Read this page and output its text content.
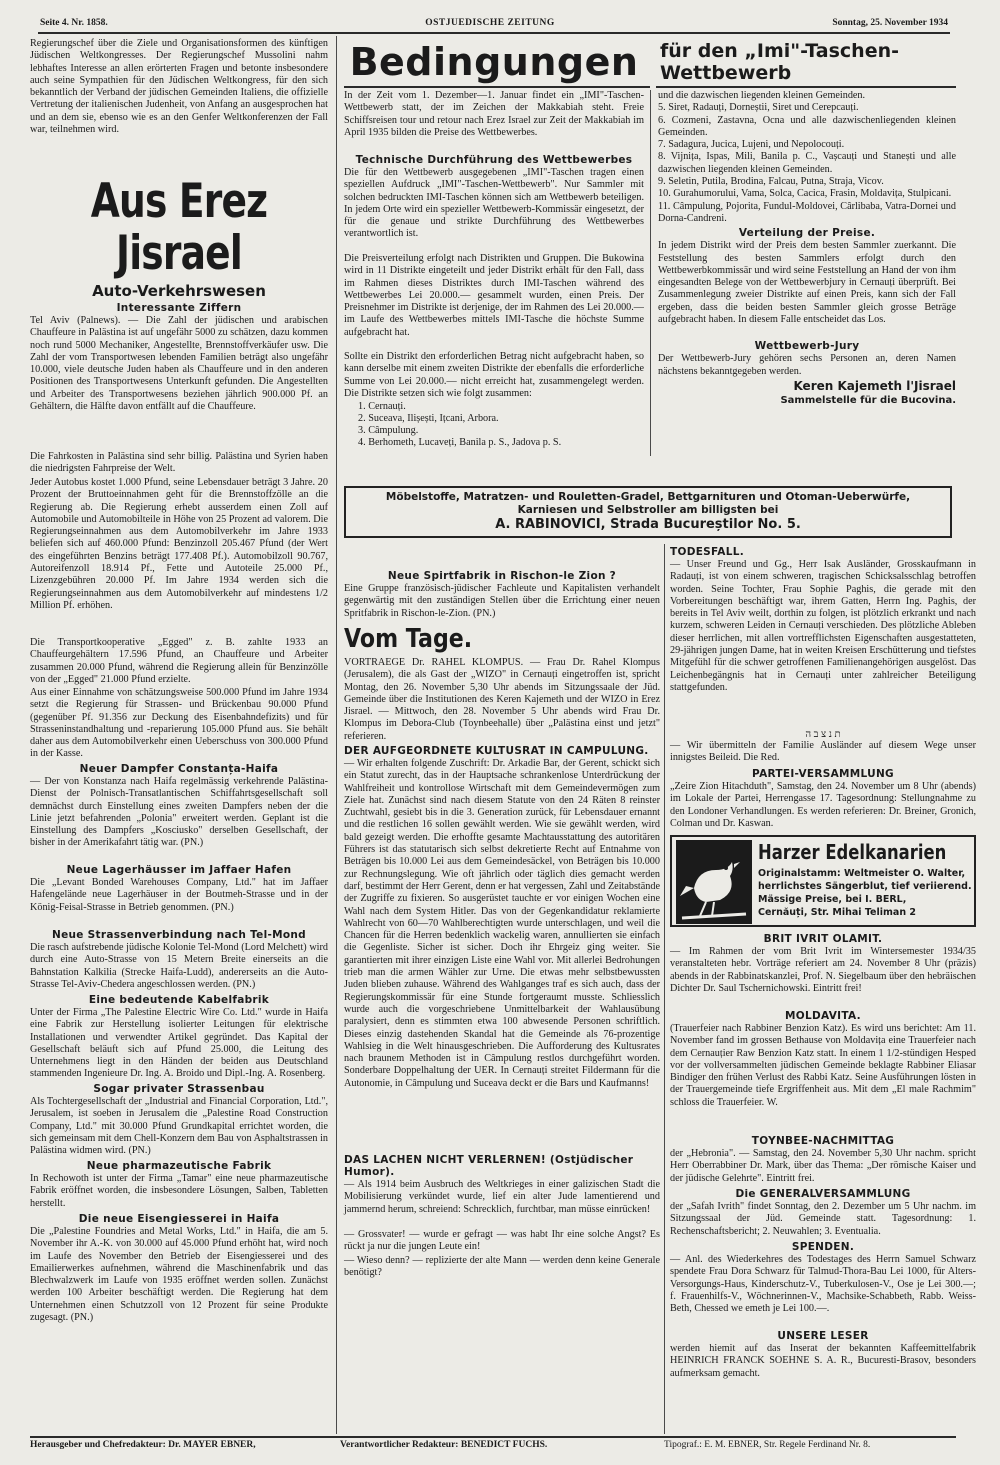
Seite 4. Nr. 1858.	OSTJUEDISCHE ZEITUNG	Sonntag, 25. November 1934

Regierungschef über die Ziele und Organisationsformen des künftigen Jüdischen Weltkongresses. Der Regierungschef Mussolini nahm lebhaftes Interesse an allen erörterten Fragen und betonte insbesondere auch seine Sympathien für den Jüdischen Weltkongress, für den sich bekanntlich der Verband der jüdischen Gemeinden Italiens, die offizielle Vertretung der italienischen Judenheit, von Anfang an ausgesprochen hat und an dem sie, ebenso wie es an den Genfer Weltkonferenzen der Fall war, teilnehmen wird.

Aus Erez Jisrael
Auto-Verkehrswesen
Interessante Ziffern

Tel Aviv (Palnews). — Die Zahl der jüdischen und arabischen Chauffeure in Palästina ist auf ungefähr 5000 zu schätzen, dazu kommen noch rund 5000 Mechaniker, Angestellte, Brennstoffverkäufer usw. Die Zahl der vom Transportwesen lebenden Familien beträgt also ungefähr 10.000, viele deutsche Juden haben als Chauffeure und in den anderen Positionen des Transportwesens Unterkunft gefunden. Die Angestellten und Arbeiter des Transportwesens beziehen jährlich 900.000 Pf. an Gehältern, die Hälfte davon entfällt auf die Chauffeure.

Die Fahrkosten in Palästina sind sehr billig. Palästina und Syrien haben die niedrigsten Fahrpreise der Welt.

Jeder Autobus kostet 1.000 Pfund, seine Lebensdauer beträgt 3 Jahre. 20 Prozent der Bruttoeinnahmen geht für die Brennstoffzölle an die Regierung ab. Die Regierung erhebt ausserdem einen Zoll auf Automobile und Automobilteile in Höhe von 25 Prozent ad valorem. Die Regierungseinnahmen aus dem Automobilverkehr im Jahre 1933 beliefen sich auf 460.000 Pfund: Benzinzoll 205.467 Pfund (der Wert des eingeführten Benzins beträgt 177.408 Pf.). Automobilzoll 90.767, Autoreifenzoll 18.914 Pf., Fette und Autoteile 25.000 Pf., Lizenzgebühren 20.000 Pf. Im Jahre 1934 werden sich die Regierungseinnahmen aus dem Automobilverkehr auf mindestens 1/2 Million Pf. erhöhen.

Die Transportkooperative „Egged" z. B. zahlte 1933 an Chauffeurgehältern 17.596 Pfund, an Chauffeure und Arbeiter zusammen 20.000 Pfund, während die Regierung allein für Benzinzölle von der „Egged" 21.000 Pfund erzielte.

Aus einer Einnahme von schätzungsweise 500.000 Pfund im Jahre 1934 setzt die Regierung für Strassen- und Brückenbau 90.000 Pfund (gegenüber Pf. 91.356 zur Deckung des Eisenbahndefizits) und für Strasseninstandhaltung und -reparierung 105.000 Pfund aus. Sie behält daher aus dem Automobilverkehr einen Ueberschuss von 300.000 Pfund in der Kasse.

Neuer Dampfer Constanța-Haifa

— Der von Konstanza nach Haifa regelmässig verkehrende Palästina-Dienst der Polnisch-Transatlantischen Schiffahrtsgesellschaft soll demnächst durch Einstellung eines zweiten Dampfers neben der die Linie jetzt befahrenden „Polonia" erweitert werden. Geplant ist die Einstellung des Dampfers „Kosciusko" derselben Gesellschaft, der bisher in der Amerikafahrt tätig war. (PN.)

Neue Lagerhäusser im Jaffaer Hafen

Die „Levant Bonded Warehouses Company, Ltd." hat im Jaffaer Hafengelände neue Lagerhäuser in der Boutmeh-Strasse und in der König-Feisal-Strasse in Betrieb genommen. (PN.)

Neue Strassenverbindung nach Tel-Mond

Die rasch aufstrebende jüdische Kolonie Tel-Mond (Lord Melchett) wird durch eine Auto-Strasse von 15 Metern Breite einerseits an die Bahnstation Kalkilia (Strecke Haifa-Ludd), andererseits an die Auto-Strasse Tel-Aviv-Chedera angeschlossen werden. (PN.)

Eine bedeutende Kabelfabrik

Unter der Firma „The Palestine Electric Wire Co. Ltd." wurde in Haifa eine Fabrik zur Herstellung isolierter Leitungen für elektrische Installationen und verwendter Artikel gegründet. Das Kapital der Gesellschaft beläuft sich auf Pfund 25.000, die Leitung des Unternehmens liegt in den Händen der beiden aus Deutschland stammenden Ingenieure Dr. Ing. A. Broido und Dipl.-Ing. A. Rosenberg.

Sogar privater Strassenbau

Als Tochtergesellschaft der „Industrial and Financial Corporation, Ltd.", Jerusalem, ist soeben in Jerusalem die „Palestine Road Construction Company, Ltd." mit 30.000 Pfund Grundkapital errichtet worden, die sich gemeinsam mit dem Chell-Konzern dem Bau von Asphaltstrassen in Palästina widmen wird. (PN.)

Neue pharmazeutische Fabrik

In Rechowoth ist unter der Firma „Tamar" eine neue pharmazeutische Fabrik eröffnet worden, die insbesondere Lösungen, Salben, Tabletten herstellt.

Die neue Eisengiesserei in Haifa

Die „Palestine Foundries and Metal Works, Ltd." in Haifa, die am 5. November ihr A.-K. von 30.000 auf 45.000 Pfund erhöht hat, wird noch im Laufe des November den Betrieb der Eisengiesserei und des Emailierwerkes aufnehmen, während die Maschinenfabrik und das Blechwalzwerk im Laufe von 1935 eröffnet werden sollen. Zunächst werden 100 Arbeiter beschäftigt werden. Die Regierung hat dem Unternehmen einen Schutzzoll von 12 Prozent für seine Produkte zugesagt. (PN.)

Bedingungen für den „Imi"-Taschen-Wettbewerb

In der Zeit vom 1. Dezember—1. Januar findet ein „IMI"-Taschen-Wettbewerb statt, der im Zeichen der Makkabiah steht. Freie Schiffsreisen tour und retour nach Erez Israel zur Zeit der Makkabiah im April 1935 bilden die Preise des Wettbewerbes.

Technische Durchführung des Wettbewerbes

Die für den Wettbewerb ausgegebenen „IMI"-Taschen tragen einen speziellen Aufdruck „IMI"-Taschen-Wettbewerb". Nur Sammler mit solchen bedruckten IMI-Taschen können sich am Wettbewerb beteiligen. In jedem Orte wird ein spezieller Wettbewerb-Kommissär eingesetzt, der für die genaue und strikte Durchführung des Wettbewerbes verantwortlich ist.

Die Preisverteilung erfolgt nach Distrikten und Gruppen. Die Bukowina wird in 11 Distrikte eingeteilt und jeder Distrikt erhält für den Fall, dass im Rahmen dieses Distriktes durch IMI-Taschen während des Wettbewerbes Lei 20.000.— gesammelt wurden, einen Preis. Der Preisnehmer im Distrikte ist derjenige, der im Rahmen des Lei 20.000.— im Laufe des Wettbewerbes mittels IMI-Tasche die höchste Summe aufgebracht hat.

Sollte ein Distrikt den erforderlichen Betrag nicht aufgebracht haben, so kann derselbe mit einem zweiten Distrikte der ebenfalls die erforderliche Summe von Lei 20.000.— nicht erreicht hat, zusammengelegt werden. Die Distrikte setzen sich wie folgt zusammen:

1. Cernauți.
2. Suceava, Ilișești, Ițcani, Arbora.
3. Câmpulung.
4. Berhometh, Lucaveți, Banila p. S., Jadova p. S.
und die dazwischen liegenden kleinen Gemeinden.
5. Siret, Radauți, Dorneștii, Siret und Cerepcauți.
6. Cozmeni, Zastavna, Ocna und alle dazwischenliegenden kleinen Gemeinden.
7. Sadagura, Jucica, Lujeni, und Nepolocouți.
8. Vijnița, Ispas, Mili, Banila p. C., Vașcauți und Stanești und alle dazwischen liegenden kleinen Gemeinden.
9. Seletin, Putila, Brodina, Falcau, Putna, Straja, Vicov.
10. Gurahumorului, Vama, Solca, Cacica, Frasin, Moldavița, Stulpicani.
11. Câmpulung, Pojorita, Fundul-Moldovei, Cârlibaba, Vatra-Dornei und Dorna-Candreni.
Verteilung der Preise.

In jedem Distrikt wird der Preis dem besten Sammler zuerkannt. Die Feststellung des besten Sammlers erfolgt durch den Wettbewerbkommissär und wird seine Feststellung an Hand der von ihm eingesandten Belege von der Wettbewerbjury in Cernauți überprüft. Bei Zusammenlegung zweier Distrikte auf einen Preis, kann sich der Fall ergeben, dass die beiden besten Sammler gleich grosse Beträge aufgebracht haben. In diesem Falle entscheidet das Los.

Wettbewerb-Jury

Der Wettbewerb-Jury gehören sechs Personen an, deren Namen nächstens bekanntgegeben werden.

Keren Kajemeth l'Jisrael
Sammelstelle für die Bucovina.
Möbelstoffe, Matratzen- und Rouletten-Gradel, Bettgarnituren und Otoman-Ueberwürfe,
Karniesen und Selbstroller am billigsten bei
A. RABINOVICI, Strada Bucureștilor No. 5.
Neue Spirtfabrik in Rischon-le Zion ?

Eine Gruppe französisch-jüdischer Fachleute und Kapitalisten verhandelt gegenwärtig mit den zuständigen Stellen über die Errichtung einer neuen Spritfabrik in Rischon-le-Zion. (PN.)

Vom Tage.

VORTRAEGE Dr. RAHEL KLOMPUS. — Frau Dr. Rahel Klompus (Jerusalem), die als Gast der „WIZO" in Cernauți eingetroffen ist, spricht Montag, den 26. November 5,30 Uhr abends im Sitzungssaale der Jüd. Gemeinde über die Institutionen des Keren Kajemeth und der WIZO in Erez Jisrael. — Mittwoch, den 28. November 5 Uhr abends wird Frau Dr. Klompus im Debora-Club (Toynbeehalle) über „Palästina einst und jetzt" referieren.

DER AUFGEORDNETE KULTUSRAT IN CAMPULUNG.

— Wir erhalten folgende Zuschrift: Dr. Arkadie Bar, der Gerent, schickt sich ein Statut zurecht, das in der Hauptsache schrankenlose Unterdrückung der Wahlfreiheit und kontrollose Wirtschaft mit dem Gemeindevermögen zum Ziele hat. Zunächst sind nach diesem Statute von den 24 Räten 8 reinster Zuchtwahl, gesiebt bis in die 3. Generation zurück, für Lebensdauer ernannt und die restlichen 16 sollen gewählt werden. Wie sie gewählt werden, wird bald gezeigt werden. Die erhoffte gesamte Machtausstattung des autoritären Führers ist das statutarisch sich selbst dekretierte Recht auf Entnahme von Beträgen bis 10.000 Lei aus dem Gemeindesäckel, von Beträgen bis 10.000 zur Rechnungslegung. Wie oft jährlich oder täglich dies gemacht werden darf, bestimmt der Herr Gerent, denn er hat vergessen, Zahl und Zeitabstände der Zugriffe zu fixieren. So ausgerüstet tauchte er vor einigen Wochen eine Wahl nach dem System Hitler. Das von der Gegenkandidatur reklamierte Wahlrecht von 60—70 Wahlberechtigten wurde unterschlagen, und weil die Chancen für die Herren bedenklich wackelig waren, annullierten sie einfach die Gegenliste. Sicher ist sicher. Doch ihr Ehrgeiz ging weiter. Sie garantierten mit ihrer einzigen Liste eine Wahl vor. Mit allerlei Bedrohungen trieb man die armen Wähler zur Urne. Die etwas mehr selbstbewussten Juden blieben zuhause. Während des Wahlganges traf es sich auch, dass der Regierungskommissär für eine Stunde fortgeraumt musste. Schliesslich wurde auch die vorgeschriebene Unmittelbarkeit der Wahlausübung paralysiert, denn es stimmten etwa 100 abwesende Personen schriftlich. Dieses einzig dastehenden Skandal hat die Gemeinde als 76-prozentige Wahlsieg in die Welt hinausgeschrieben. Die Aufforderung des Kultusrates nach braunem Methoden ist in Câmpulung restlos durchgeführt worden. Sonderbare Doppelhaltung der UER. In Cernauți streitet Fildermann für die Autonomie, in Câmpulung und Suceava deckt er die Bars und Kaufmanns!

DAS LACHEN NICHT VERLERNEN! (Ostjüdischer Humor).

— Als 1914 beim Ausbruch des Weltkrieges in einer galizischen Stadt die Mobilisierung verkündet wurde, lief ein alter Jude lamentierend und jammernd herum, schreiend: Schrecklich, furchtbar, man müsse einrücken!

— Grossvater! — wurde er gefragt — was habt Ihr eine solche Angst? Es rückt ja nur die jungen Leute ein!

— Wieso denn? — replizierte der alte Mann — werden denn keine Generale benötigt?

TODESFALL.

— Unser Freund und Gg., Herr Isak Ausländer, Grosskaufmann in Radauți, ist von einem schweren, tragischen Schicksalsschlag betroffen worden. Seine Tochter, Frau Sophie Paghis, die gerade mit den Vorbereitungen beschäftigt war, ihrem Gatten, Herrn Ing. Paghis, der bereits in Tel Aviv weilt, dorthin zu folgen, ist plötzlich erkrankt und nach kurzem, schweren Leiden in Cernauți verschieden. Des plötzliche Ableben dieser herrlichen, mit allen vortrefflichsten Eigenschaften ausgestatteten, 29-jährigen jungen Dame, hat in weiten Kreisen Erschütterung und tiefstes Mitgefühl für die schwer getroffenen Familienangehörigen ausgelöst. Das Leichenbegängnis hat in Cernauți unter zahlreicher Beteiligung stattgefunden.

ת נ צ ב ה

— Wir übermitteln der Familie Ausländer auf diesem Wege unser innigstes Beileid. Die Red.

PARTEI-VERSAMMLUNG

„Zeire Zion Hitachduth", Samstag, den 24. November um 8 Uhr (abends) im Lokale der Partei, Herrengasse 17. Tagesordnung: Stellungnahme zu den Londoner Verhandlungen. Es werden referieren: Dr. Breiner, Gronich, Colman und Dr. Kaswan.

Harzer Edelkanarien
Originalstamm: Weltmeister O. Walter,
herrlichstes Sängerblut, tief veriierend.
Mässige Preise, bei I. BERL,
Cernăuți, Str. Mihai Teliman 2
BRIT IVRIT OLAMIT.

— Im Rahmen der vom Brit Ivrit im Wintersemester 1934/35 veranstalteten hebr. Vorträge referiert am 24. November 8 Uhr (präzis) abends in der Rabbinatskanzlei, Prof. N. Siegelbaum über den hebräischen Dichter Dr. Saul Tschernichowski. Eintritt frei!

MOLDAVITA.

(Trauerfeier nach Rabbiner Benzion Katz). Es wird uns berichtet: Am 11. November fand im grossen Bethause von Moldavița eine Trauerfeier nach dem Cernauțier Raw Benzion Katz statt. In einem 1 1/2-stündigen Hesped vor der vollversammelten jüdischen Gemeinde beklagte Rabbiner Eliasar Bindiger den frühen Verlust des Rabbi Katz. Seine Ausführungen lösten in der Trauergemeinde tiefe Ergriffenheit aus. Mit dem „El male Rachmim" schloss die Trauerfeier. W.

TOYNBEE-NACHMITTAG

der „Hebronia". — Samstag, den 24. November 5,30 Uhr nachm. spricht Herr Oberrabbiner Dr. Mark, über das Thema: „Der römische Kaiser und der jüdische Gelehrte". Eintritt frei.

Die GENERALVERSAMMLUNG

der „Safah Ivrith" findet Sonntag, den 2. Dezember um 5 Uhr nachm. im Sitzungssaal der Jüd. Gemeinde statt. Tagesordnung: 1. Rechenschaftsbericht; 2. Neuwahlen; 3. Eventualia.

SPENDEN.

— Anl. des Wiederkehres des Todestages des Herrn Samuel Schwarz spendete Frau Dora Schwarz für Talmud-Thora-Bau Lei 1000, für Alters-Versorgungs-Haus, Kinderschutz-V., Tuberkulosen-V., Ose je Lei 300.—; f. Frauenhilfs-V., Wöchnerinnen-V., Machsike-Schabbeth, Rabb. Weiss-Beth, Chessed we emeth je Lei 100.—.

UNSERE LESER

werden hiemit auf das Inserat der bekannten Kaffeemittelfabrik HEINRICH FRANCK SOEHNE S. A. R., Bucuresti-Brasov, besonders aufmerksam gemacht.

Herausgeber und Chefredakteur: Dr. MAYER EBNER,	Verantwortlicher Redakteur: BENEDICT FUCHS.	Tipograf.: E. M. EBNER, Str. Regele Ferdinand Nr. 8.
